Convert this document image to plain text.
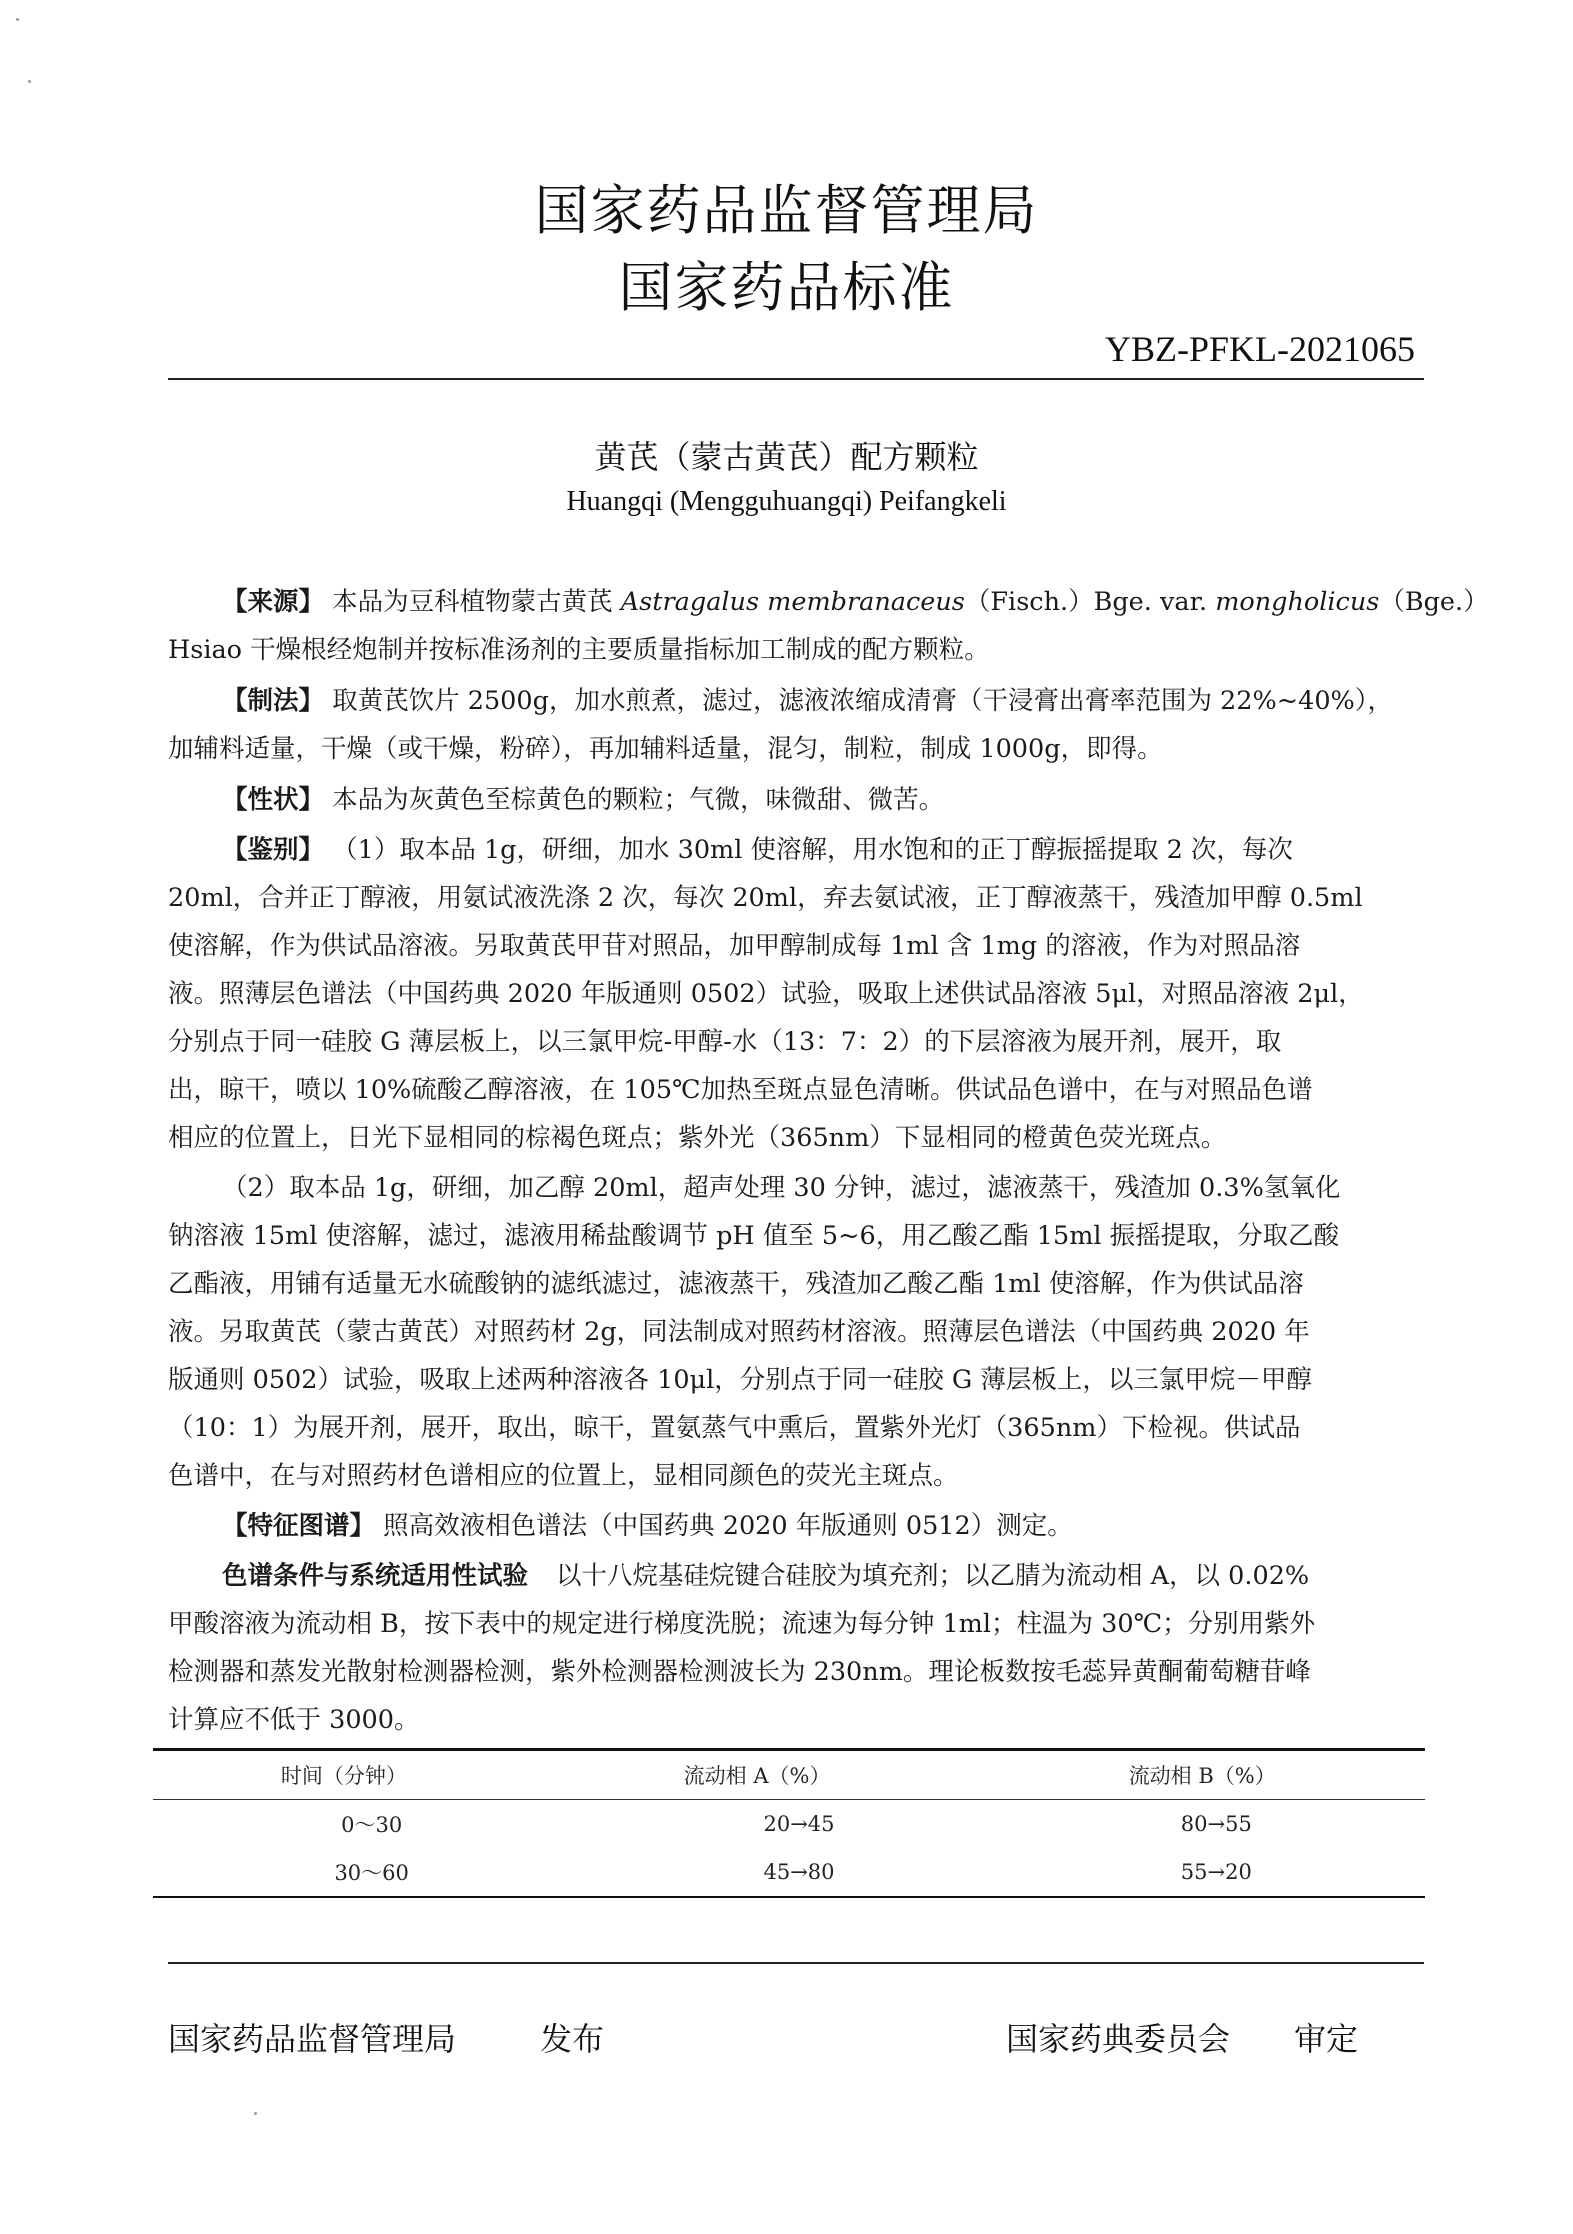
国家药品监督管理局
国家药品标准
YBZ-PFKL-2021065
黄芪（蒙古黄芪）配方颗粒
Huangqi (Mengguhuangqi) Peifangkeli
【来源】 本品为豆科植物蒙古黄芪 Astragalus membranaceus（Fisch.）Bge. var. mongholicus（Bge.）
Hsiao 干燥根经炮制并按标准汤剂的主要质量指标加工制成的配方颗粒。
【制法】 取黄芪饮片 2500g，加水煎煮，滤过，滤液浓缩成清膏（干浸膏出膏率范围为 22%~40%），
加辅料适量，干燥（或干燥，粉碎），再加辅料适量，混匀，制粒，制成 1000g，即得。
【性状】 本品为灰黄色至棕黄色的颗粒；气微，味微甜、微苦。
【鉴别】 （1）取本品 1g，研细，加水 30ml 使溶解，用水饱和的正丁醇振摇提取 2 次，每次
20ml，合并正丁醇液，用氨试液洗涤 2 次，每次 20ml，弃去氨试液，正丁醇液蒸干，残渣加甲醇 0.5ml
使溶解，作为供试品溶液。另取黄芪甲苷对照品，加甲醇制成每 1ml 含 1mg 的溶液，作为对照品溶
液。照薄层色谱法（中国药典 2020 年版通则 0502）试验，吸取上述供试品溶液 5μl，对照品溶液 2μl，
分别点于同一硅胶 G 薄层板上，以三氯甲烷-甲醇-水（13：7：2）的下层溶液为展开剂，展开，取
出，晾干，喷以 10%硫酸乙醇溶液，在 105℃加热至斑点显色清晰。供试品色谱中，在与对照品色谱
相应的位置上，日光下显相同的棕褐色斑点；紫外光（365nm）下显相同的橙黄色荧光斑点。
（2）取本品 1g，研细，加乙醇 20ml，超声处理 30 分钟，滤过，滤液蒸干，残渣加 0.3%氢氧化
钠溶液 15ml 使溶解，滤过，滤液用稀盐酸调节 pH 值至 5~6，用乙酸乙酯 15ml 振摇提取，分取乙酸
乙酯液，用铺有适量无水硫酸钠的滤纸滤过，滤液蒸干，残渣加乙酸乙酯 1ml 使溶解，作为供试品溶
液。另取黄芪（蒙古黄芪）对照药材 2g，同法制成对照药材溶液。照薄层色谱法（中国药典 2020 年
版通则 0502）试验，吸取上述两种溶液各 10μl，分别点于同一硅胶 G 薄层板上，以三氯甲烷－甲醇
（10：1）为展开剂，展开，取出，晾干，置氨蒸气中熏后，置紫外光灯（365nm）下检视。供试品
色谱中，在与对照药材色谱相应的位置上，显相同颜色的荧光主斑点。
【特征图谱】 照高效液相色谱法（中国药典 2020 年版通则 0512）测定。
色谱条件与系统适用性试验 以十八烷基硅烷键合硅胶为填充剂；以乙腈为流动相 A，以 0.02%
甲酸溶液为流动相 B，按下表中的规定进行梯度洗脱；流速为每分钟 1ml；柱温为 30℃；分别用紫外
检测器和蒸发光散射检测器检测，紫外检测器检测波长为 230nm。理论板数按毛蕊异黄酮葡萄糖苷峰
计算应不低于 3000。
时间（分钟）	流动相 A（%）	流动相 B（%）
0～30	20→45	80→55
30～60	45→80	55→20
国家药品监督管理局	发布	国家药典委员会 审定
